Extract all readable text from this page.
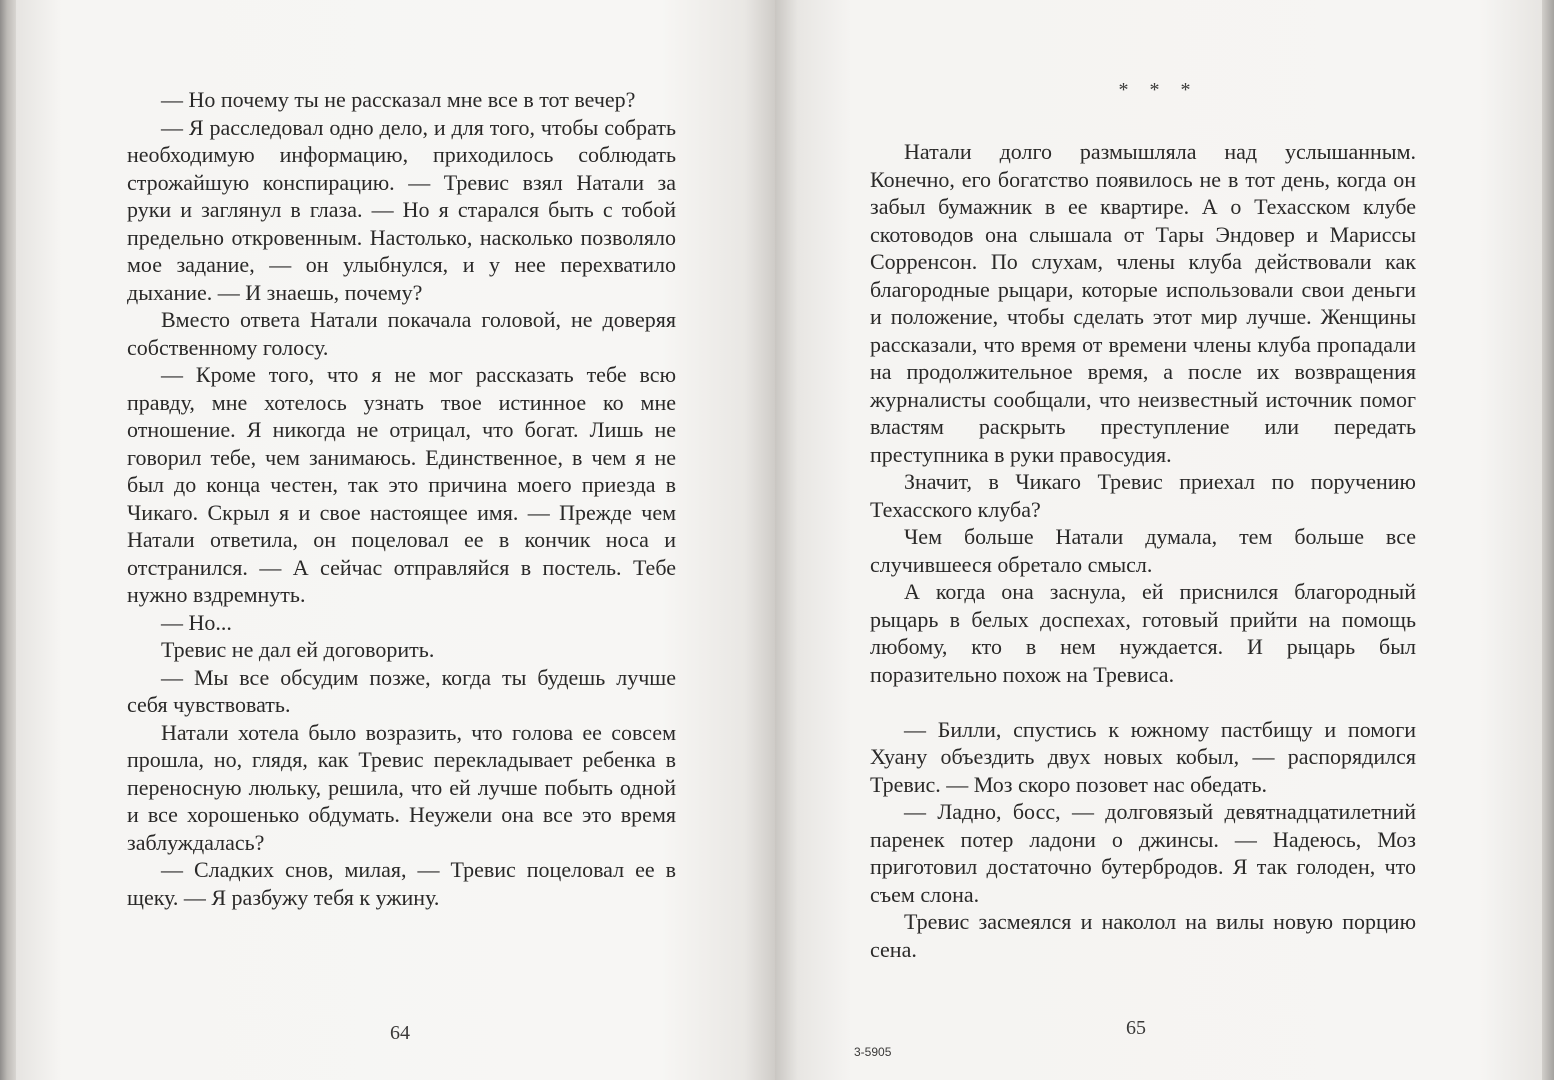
— Но почему ты не рассказал мне все в тот вечер?

— Я расследовал одно дело, и для того, чтобы собрать необходимую информацию, приходилось соблюдать строжайшую конспирацию. — Тревис взял Натали за руки и заглянул в глаза. — Но я старался быть с тобой предельно откровенным. Настолько, насколько позволяло мое задание, — он улыбнулся, и у нее перехватило дыхание. — И знаешь, почему?

Вместо ответа Натали покачала головой, не доверяя собственному голосу.

— Кроме того, что я не мог рассказать тебе всю правду, мне хотелось узнать твое истинное ко мне отношение. Я никогда не отрицал, что богат. Лишь не говорил тебе, чем занимаюсь. Единственное, в чем я не был до конца честен, так это причина моего приезда в Чикаго. Скрыл я и свое настоящее имя. — Прежде чем Натали ответила, он поцеловал ее в кончик носа и отстранился. — А сейчас отправляйся в постель. Тебе нужно вздремнуть.

— Но...

Тревис не дал ей договорить.

— Мы все обсудим позже, когда ты будешь лучше себя чувствовать.

Натали хотела было возразить, что голова ее совсем прошла, но, глядя, как Тревис перекладывает ребенка в переносную люльку, решила, что ей лучше побыть одной и все хорошенько обдумать. Неужели она все это время заблуждалась?

— Сладких снов, милая, — Тревис поцеловал ее в щеку. — Я разбужу тебя к ужину.

64
* * *

Натали долго размышляла над услышанным. Конечно, его богатство появилось не в тот день, когда он забыл бумажник в ее квартире. А о Техасском клубе скотоводов она слышала от Тары Эндовер и Мариссы Сорренсон. По слухам, члены клуба действовали как благородные рыцари, которые использовали свои деньги и положение, чтобы сделать этот мир лучше. Женщины рассказали, что время от времени члены клуба пропадали на продолжительное время, а после их возвращения журналисты сообщали, что неизвестный источник помог властям раскрыть преступление или передать преступника в руки правосудия.

Значит, в Чикаго Тревис приехал по поручению Техасского клуба?

Чем больше Натали думала, тем больше все случившееся обретало смысл.

А когда она заснула, ей приснился благородный рыцарь в белых доспехах, готовый прийти на помощь любому, кто в нем нуждается. И рыцарь был поразительно похож на Тревиса.

— Билли, спустись к южному пастбищу и помоги Хуану объездить двух новых кобыл, — распорядился Тревис. — Моз скоро позовет нас обедать.

— Ладно, босс, — долговязый девятнадцатилетний паренек потер ладони о джинсы. — Надеюсь, Моз приготовил достаточно бутербродов. Я так голоден, что съем слона.

Тревис засмеялся и наколол на вилы новую порцию сена.

65
3-5905
